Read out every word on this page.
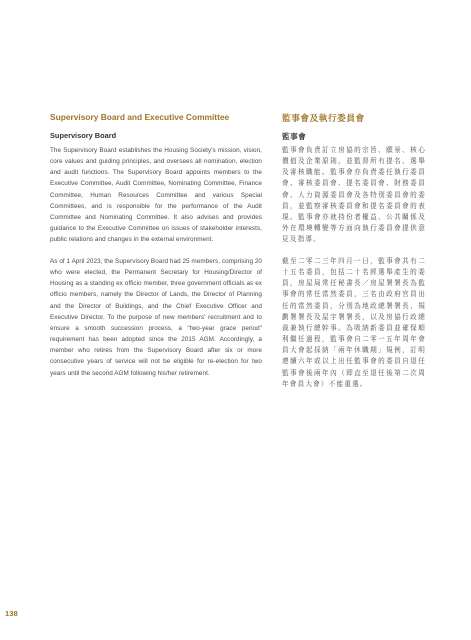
Supervisory Board and Executive Committee
Supervisory Board

The Supervisory Board establishes the Housing Society's mission, vision, core values and guiding principles, and oversees all nomination, election and audit functions. The Supervisory Board appoints members to the Executive Committee, Audit Committee, Nominating Committee, Finance Committee, Human Resources Committee and various Special Committees, and is responsible for the performance of the Audit Committee and Nominating Committee. It also advises and provides guidance to the Executive Committee on issues of stakeholder interests, public relations and changes in the external environment.

As of 1 April 2023, the Supervisory Board had 25 members, comprising 20 who were elected, the Permanent Secretary for Housing/Director of Housing as a standing ex officio member, three government officials as ex officio members, namely the Director of Lands, the Director of Planning and the Director of Buildings, and the Chief Executive Officer and Executive Director. To the purpose of new members' recruitment and to ensure a smooth succession process, a "two-year grace period" requirement has been adopted since the 2015 AGM. Accordingly, a member who retires from the Supervisory Board after six or more consecutive years of service will not be eligible for re-election for two years until the second AGM following his/her retirement.

監事會及執行委員會
監事會

監事會負責訂立房協的宗旨、願景、核心價值及企業原則，並監督所有提名、選舉及審核職能。監事會亦負責委任執行委員會、審核委員會、提名委員會、財務委員會、人力資源委員會及各特別委員會的委員，並監察審核委員會和提名委員會的表現。監事會亦就持份者權益、公共關係及外在環境轉變等方面向執行委員會提供意見及指導。

截至二零二三年四月一日，監事會共有二十五名委員，包括二十名經選舉產生的委員，房屋局常任秘書長／房屋署署長為監事會的常任當然委員，三名由政府官員出任的當然委員，分別為地政總署署長、規劃署署長及屋宇署署長，以及房協行政總裁兼執行總幹事。為吸納新委員並確保順利繼任過程，監事會自二零一五年周年會員大會起採納「兩年休職期」規例，訂明連續六年或以上出任監事會的委員自退任監事會後兩年內（即直至退任後第二次周年會員大會）不能重選。

138
